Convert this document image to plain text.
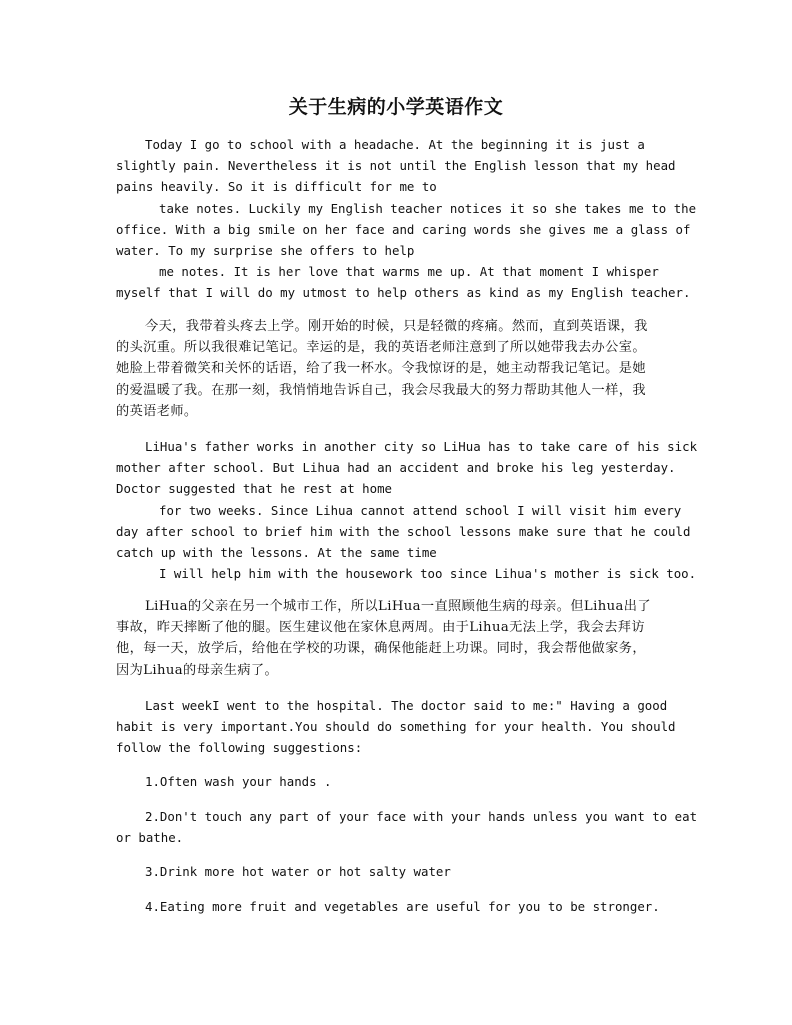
关于生病的小学英语作文
Today I go to school with a headache. At the beginning it is just a
slightly pain. Nevertheless it is not until the English lesson that my head
pains heavily. So it is difficult for me to
take notes. Luckily my English teacher notices it so she takes me to the
office. With a big smile on her face and caring words she gives me a glass of
water. To my surprise she offers to help
me notes. It is her love that warms me up. At that moment I whisper
myself that I will do my utmost to help others as kind as my English teacher.
今天，我带着头疼去上学。刚开始的时候，只是轻微的疼痛。然而，直到英语课，我
的头沉重。所以我很难记笔记。幸运的是，我的英语老师注意到了所以她带我去办公室。
她脸上带着微笑和关怀的话语，给了我一杯水。令我惊讶的是，她主动帮我记笔记。是她
的爱温暖了我。在那一刻，我悄悄地告诉自己，我会尽我最大的努力帮助其他人一样，我
的英语老师。
LiHua's father works in another city so LiHua has to take care of his sick
mother after school. But Lihua had an accident and broke his leg yesterday.
Doctor suggested that he rest at home
for two weeks. Since Lihua cannot attend school I will visit him every
day after school to brief him with the school lessons make sure that he could
catch up with the lessons. At the same time
I will help him with the housework too since Lihua's mother is sick too.
LiHua的父亲在另一个城市工作，所以LiHua一直照顾他生病的母亲。但Lihua出了
事故，昨天摔断了他的腿。医生建议他在家休息两周。由于Lihua无法上学，我会去拜访
他，每一天，放学后，给他在学校的功课，确保他能赶上功课。同时，我会帮他做家务，
因为Lihua的母亲生病了。
Last weekI went to the hospital. The doctor said to me:" Having a good
habit is very important.You should do something for your health. You should
follow the following suggestions:
1.Often wash your hands .
2.Don't touch any part of your face with your hands unless you want to eat
or bathe.
3.Drink more hot water or hot salty water
4.Eating more fruit and vegetables are useful for you to be stronger.
